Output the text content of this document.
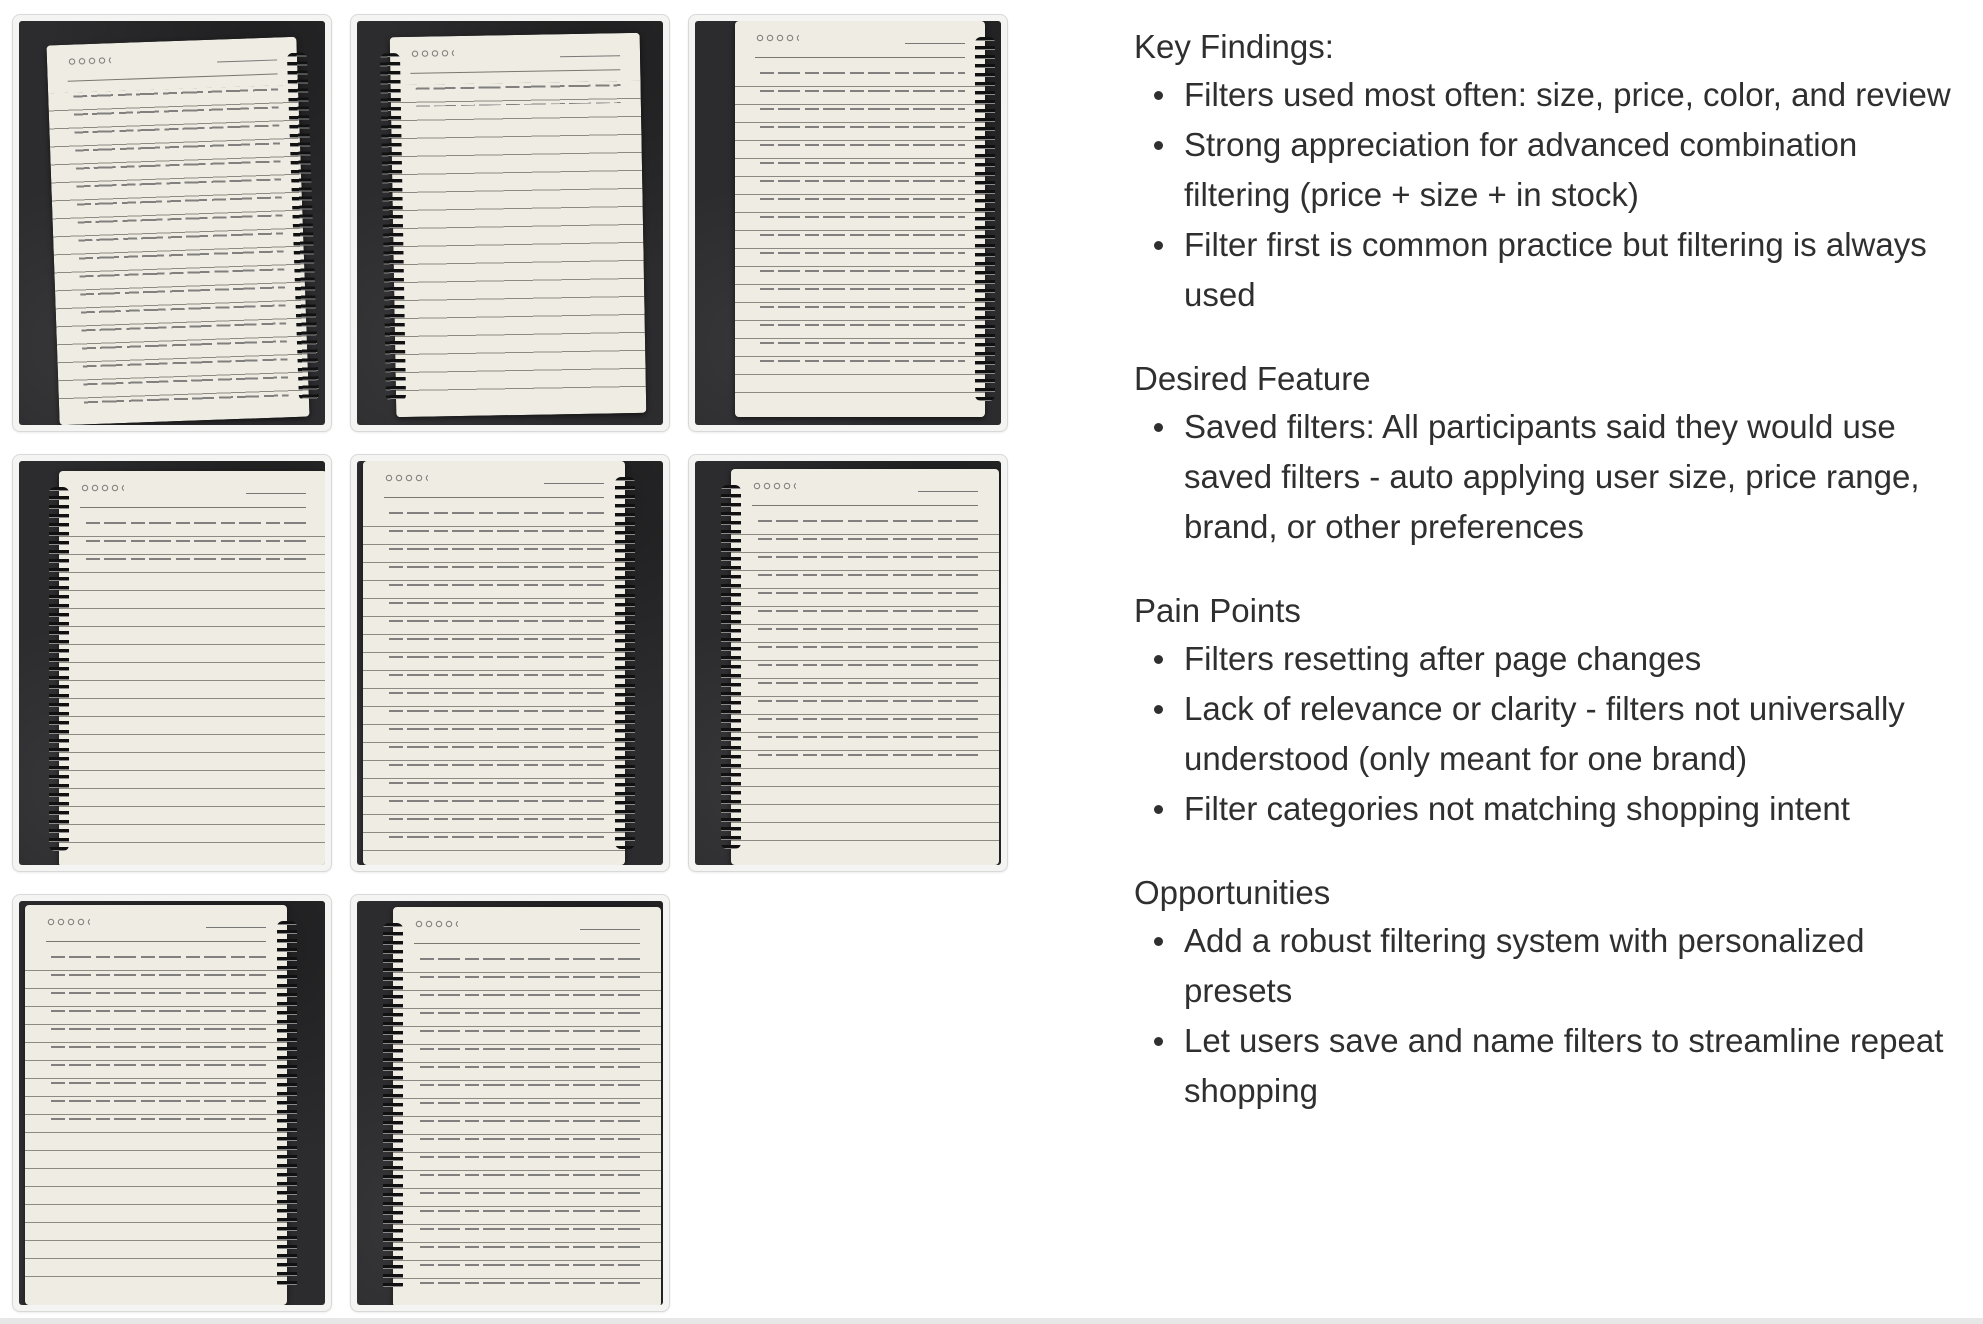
Key Findings:
Filters used most often: size, price, color, and review
Strong appreciation for advanced combination filtering (price + size + in stock)
Filter first is common practice but filtering is always used
Desired Feature
Saved filters: All participants said they would use saved filters - auto applying user size, price range, brand, or other preferences
Pain Points
Filters resetting after page changes
Lack of relevance or clarity - filters not universally understood (only meant for one brand)
Filter categories not matching shopping intent
Opportunities
Add a robust filtering system with personalized presets
Let users save and name filters to streamline repeat shopping
